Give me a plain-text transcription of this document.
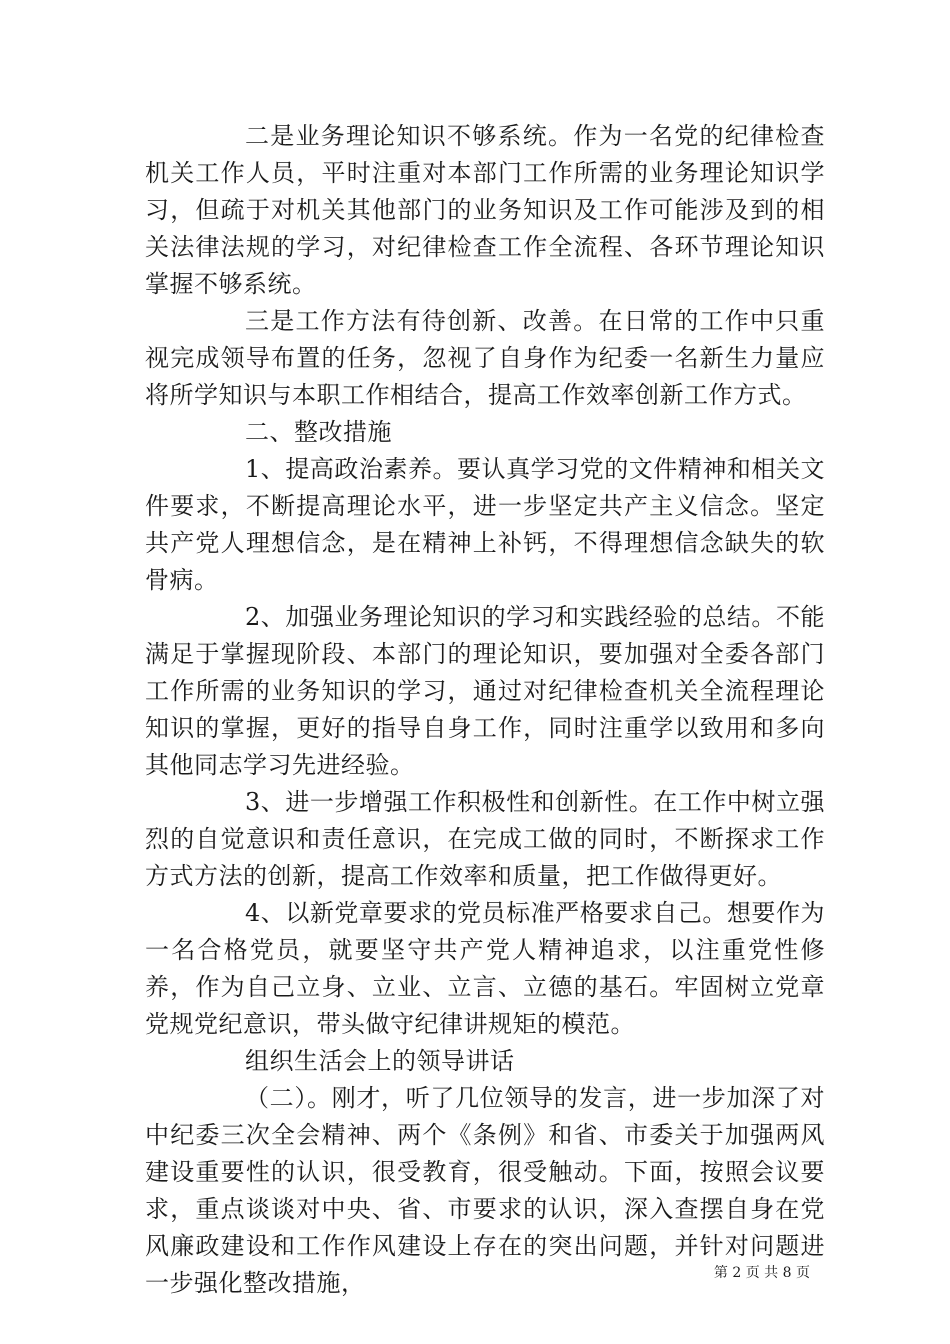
二是业务理论知识不够系统。作为一名党的纪律检查机关工作人员，平时注重对本部门工作所需的业务理论知识学习，但疏于对机关其他部门的业务知识及工作可能涉及到的相关法律法规的学习，对纪律检查工作全流程、各环节理论知识掌握不够系统。

三是工作方法有待创新、改善。在日常的工作中只重视完成领导布置的任务，忽视了自身作为纪委一名新生力量应将所学知识与本职工作相结合，提高工作效率创新工作方式。

二、整改措施

1、提高政治素养。要认真学习党的文件精神和相关文件要求，不断提高理论水平，进一步坚定共产主义信念。坚定共产党人理想信念，是在精神上补钙，不得理想信念缺失的软骨病。

2、加强业务理论知识的学习和实践经验的总结。不能满足于掌握现阶段、本部门的理论知识，要加强对全委各部门工作所需的业务知识的学习，通过对纪律检查机关全流程理论知识的掌握，更好的指导自身工作，同时注重学以致用和多向其他同志学习先进经验。

3、进一步增强工作积极性和创新性。在工作中树立强烈的自觉意识和责任意识，在完成工做的同时，不断探求工作方式方法的创新，提高工作效率和质量，把工作做得更好。

4、以新党章要求的党员标准严格要求自己。想要作为一名合格党员，就要坚守共产党人精神追求，以注重党性修养，作为自己立身、立业、立言、立德的基石。牢固树立党章党规党纪意识，带头做守纪律讲规矩的模范。

组织生活会上的领导讲话

（二）。刚才，听了几位领导的发言，进一步加深了对中纪委三次全会精神、两个《条例》和省、市委关于加强两风建设重要性的认识，很受教育，很受触动。下面，按照会议要求，重点谈谈对中央、省、市要求的认识，深入查摆自身在党风廉政建设和工作作风建设上存在的突出问题，并针对问题进一步强化整改措施，	第 2 页 共 8 页
